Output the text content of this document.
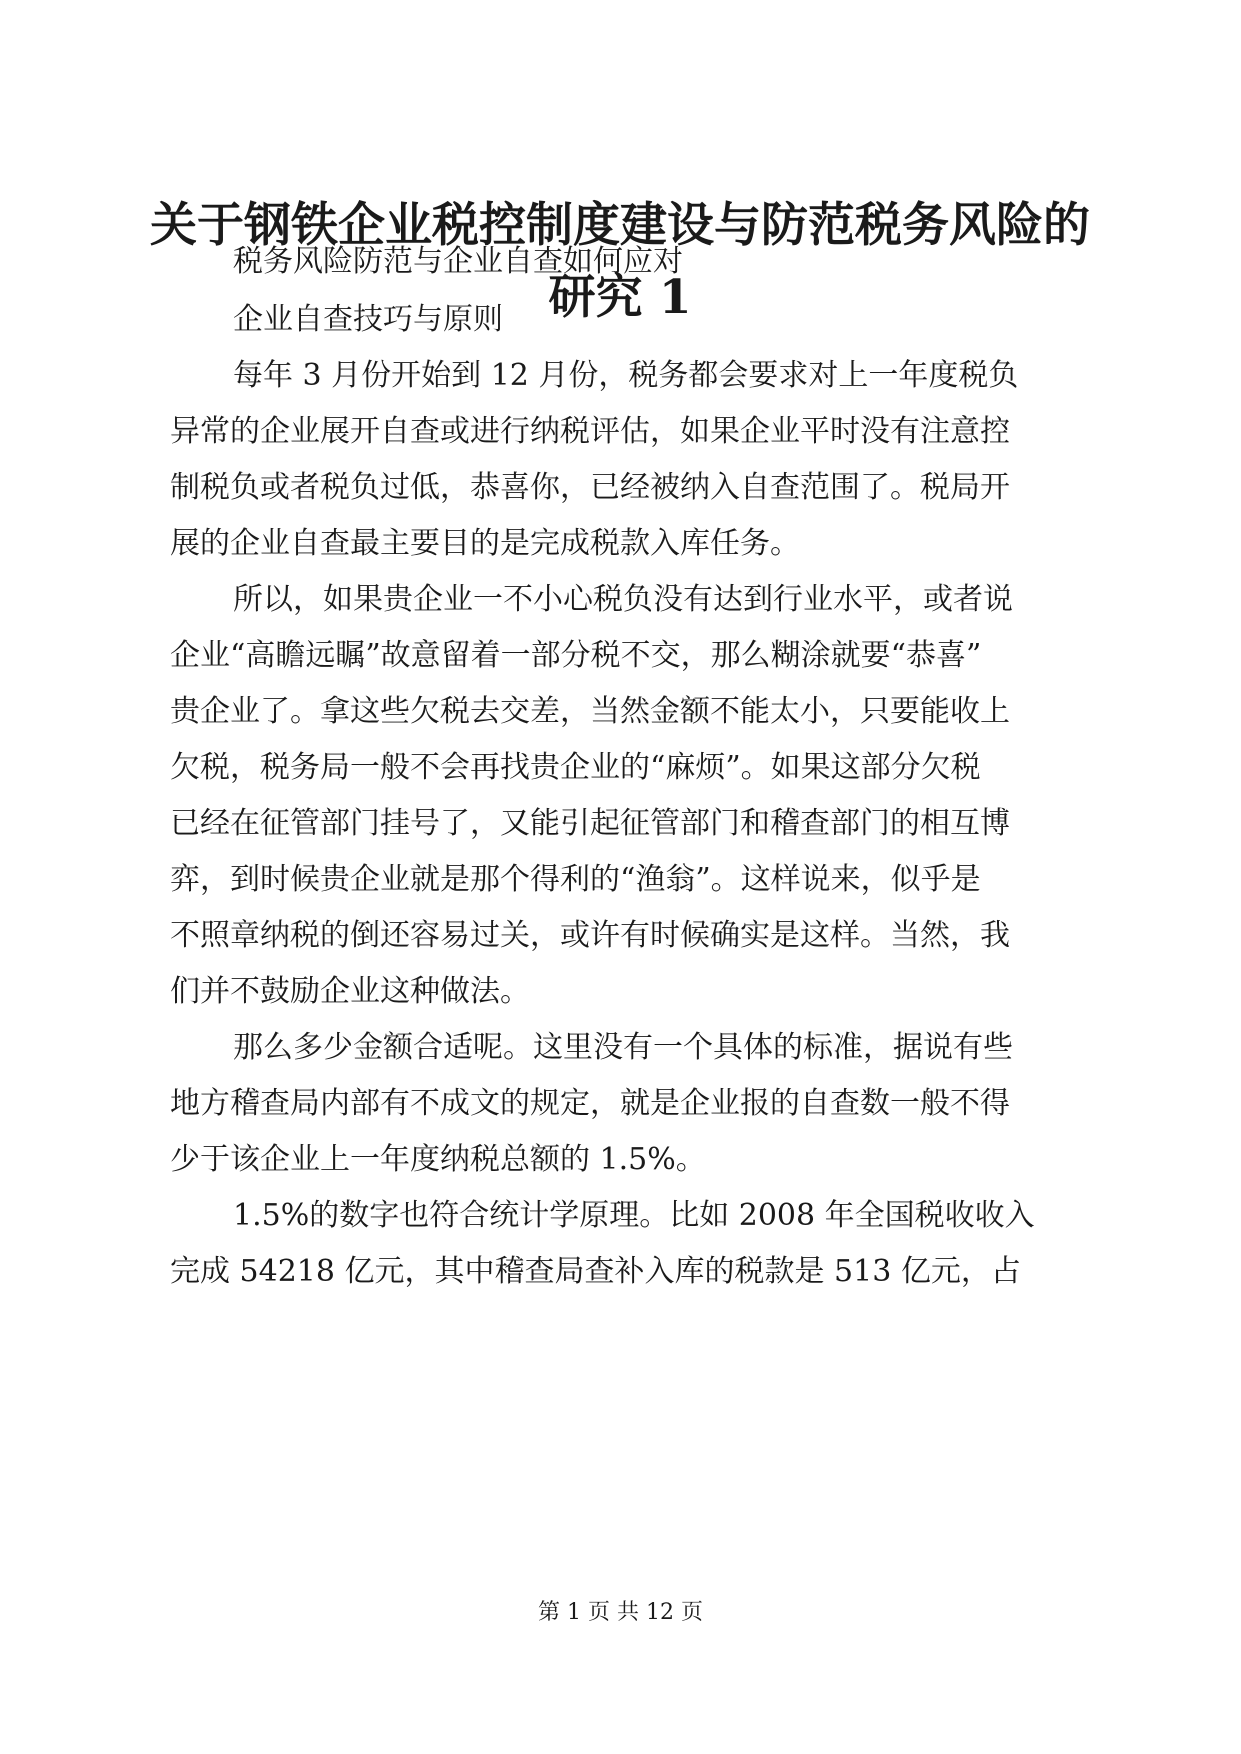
关于钢铁企业税控制度建设与防范税务风险的
研究 1

税务风险防范与企业自查如何应对

企业自查技巧与原则

每年 3 月份开始到 12 月份，税务都会要求对上一年度税负

异常的企业展开自查或进行纳税评估，如果企业平时没有注意控

制税负或者税负过低，恭喜你，已经被纳入自查范围了。税局开

展的企业自查最主要目的是完成税款入库任务。

所以，如果贵企业一不小心税负没有达到行业水平，或者说

企业“高瞻远瞩”故意留着一部分税不交，那么糊涂就要“恭喜”

贵企业了。拿这些欠税去交差，当然金额不能太小，只要能收上

欠税，税务局一般不会再找贵企业的“麻烦”。如果这部分欠税

已经在征管部门挂号了，又能引起征管部门和稽查部门的相互博

弈，到时候贵企业就是那个得利的“渔翁”。这样说来，似乎是

不照章纳税的倒还容易过关，或许有时候确实是这样。当然，我

们并不鼓励企业这种做法。

那么多少金额合适呢。这里没有一个具体的标准，据说有些

地方稽查局内部有不成文的规定，就是企业报的自查数一般不得

少于该企业上一年度纳税总额的 1.5%。

1.5%的数字也符合统计学原理。比如 2008 年全国税收收入

完成 54218 亿元，其中稽查局查补入库的税款是 513 亿元，占

第 1 页 共 12 页
